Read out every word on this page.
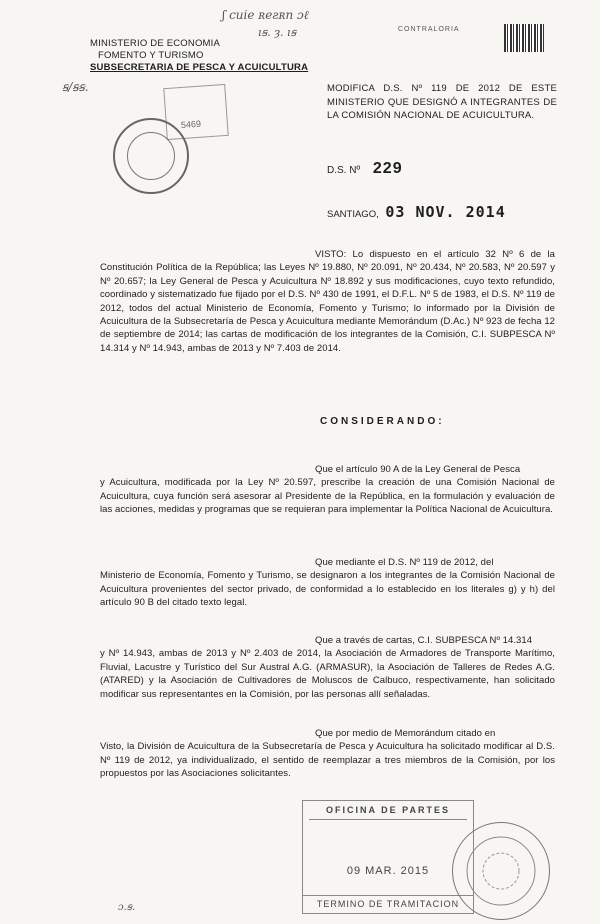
ʃ cuie ʀeƨʀn ɔℓ
ıꞩ. ȝ. ıꞩ
ꞩ/ꞩꞩ.
ɔ.ꞩ.
MINISTERIO DE ECONOMIA
FOMENTO Y TURISMO
SUBSECRETARIA DE PESCA Y ACUICULTURA
5469
CONTRALORIA
MODIFICA D.S. Nº 119 DE 2012 DE ESTE MINISTERIO QUE DESIGNÓ A INTEGRANTES DE LA COMISIÓN NACIONAL DE ACUICULTURA.
D.S. Nº 229
SANTIAGO, 03 NOV. 2014
VISTO: Lo dispuesto en el artículo 32 Nº 6 de la Constitución Política de la República; las Leyes Nº 19.880, Nº 20.091, Nº 20.434, Nº 20.583, Nº 20.597 y Nº 20.657; la Ley General de Pesca y Acuicultura Nº 18.892 y sus modificaciones, cuyo texto refundido, coordinado y sistematizado fue fijado por el D.S. Nº 430 de 1991, el D.F.L. Nº 5 de 1983, el D.S. Nº 119 de 2012, todos del actual Ministerio de Economía, Fomento y Turismo; lo informado por la División de Acuicultura de la Subsecretaría de Pesca y Acuicultura mediante Memorándum (D.Ac.) Nº 923 de fecha 12 de septiembre de 2014; las cartas de modificación de los integrantes de la Comisión, C.I. SUBPESCA Nº 14.314 y Nº 14.943, ambas de 2013 y Nº 7.403 de 2014.
CONSIDERANDO:
Que el artículo 90 A de la Ley General de Pesca
y Acuicultura, modificada por la Ley Nº 20.597, prescribe la creación de una Comisión Nacional de Acuicultura, cuya función será asesorar al Presidente de la República, en la formulación y evaluación de las acciones, medidas y programas que se requieran para implementar la Política Nacional de Acuicultura.
Que mediante el D.S. Nº 119 de 2012, del
Ministerio de Economía, Fomento y Turismo, se designaron a los integrantes de la Comisión Nacional de Acuicultura provenientes del sector privado, de conformidad a lo establecido en los literales g) y h) del artículo 90 B del citado texto legal.
Que a través de cartas, C.I. SUBPESCA Nº 14.314
y Nº 14.943, ambas de 2013 y Nº 2.403 de 2014, la Asociación de Armadores de Transporte Marítimo, Fluvial, Lacustre y Turístico del Sur Austral A.G. (ARMASUR), la Asociación de Talleres de Redes A.G. (ATARED) y la Asociación de Cultivadores de Moluscos de Calbuco, respectivamente, han solicitado modificar sus representantes en la Comisión, por las personas allí señaladas.
Que por medio de Memorándum citado en
Visto, la División de Acuicultura de la Subsecretaría de Pesca y Acuicultura ha solicitado modificar al D.S. Nº 119 de 2012, ya individualizado, el sentido de reemplazar a tres miembros de la Comisión, por los propuestos por las Asociaciones solicitantes.
OFICINA DE PARTES
09 MAR. 2015
TERMINO DE TRAMITACION
